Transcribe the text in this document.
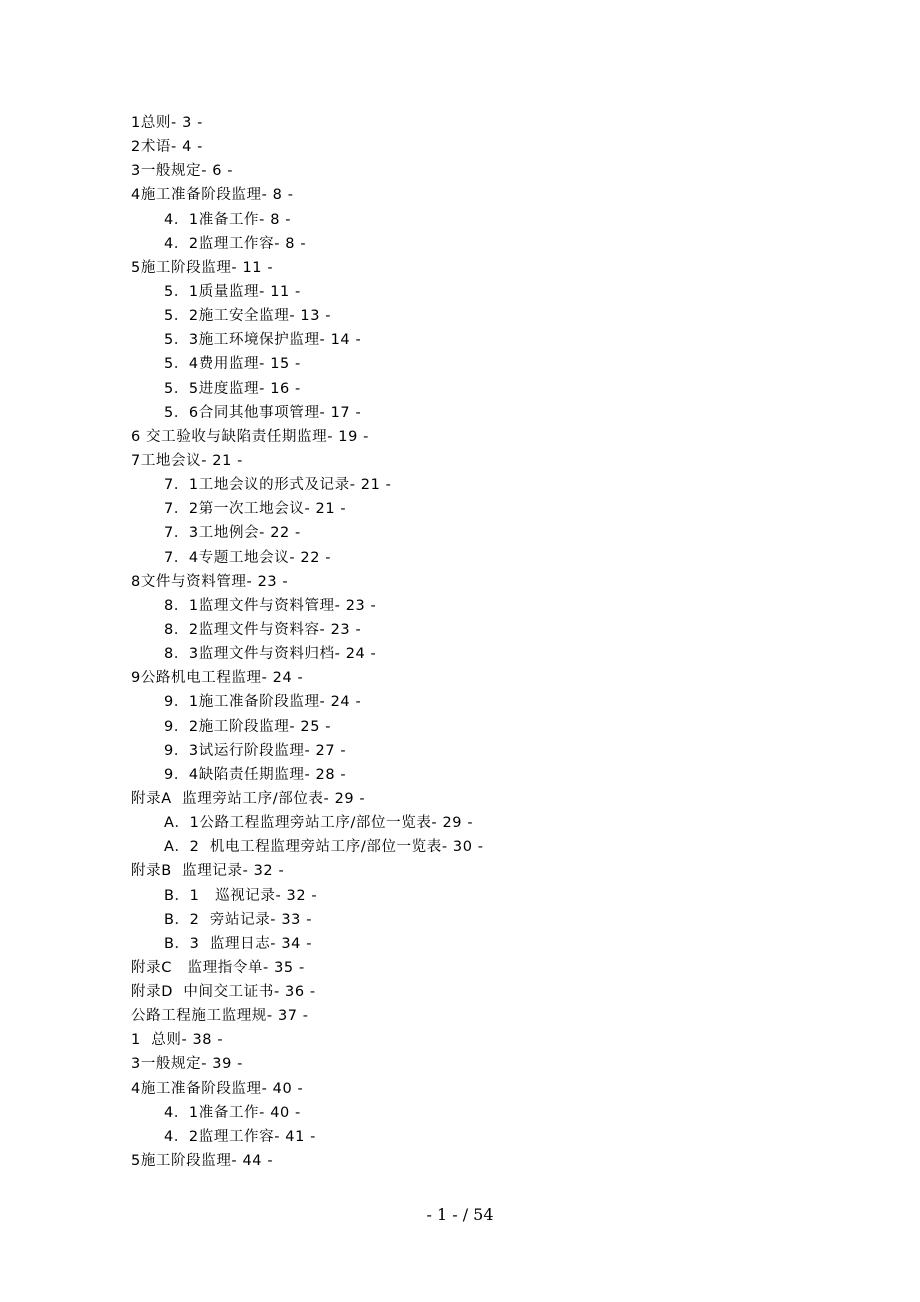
1总则- 3 -
2术语- 4 -
3一般规定- 6 -
4施工准备阶段监理- 8 -
4．1准备工作- 8 -
4．2监理工作容- 8 -
5施工阶段监理- 11 -
5．1质量监理- 11 -
5．2施工安全监理- 13 -
5．3施工环境保护监理- 14 -
5．4费用监理- 15 -
5．5进度监理- 16 -
5．6合同其他事项管理- 17 -
6 交工验收与缺陷责任期监理- 19 -
7工地会议- 21 -
7．1工地会议的形式及记录- 21 -
7．2第一次工地会议- 21 -
7．3工地例会- 22 -
7．4专题工地会议- 22 -
8文件与资料管理- 23 -
8．1监理文件与资料管理- 23 -
8．2监理文件与资料容- 23 -
8．3监理文件与资料归档- 24 -
9公路机电工程监理- 24 -
9．1施工准备阶段监理- 24 -
9．2施工阶段监理- 25 -
9．3试运行阶段监理- 27 -
9．4缺陷责任期监理- 28 -
附录A  监理旁站工序/部位表- 29 -
A．1公路工程监理旁站工序/部位一览表- 29 -
A．2  机电工程监理旁站工序/部位一览表- 30 -
附录B  监理记录- 32 -
B．1   巡视记录- 32 -
B．2  旁站记录- 33 -
B．3  监理日志- 34 -
附录C   监理指令单- 35 -
附录D  中间交工证书- 36 -
公路工程施工监理规- 37 -
1  总则- 38 -
3一般规定- 39 -
4施工准备阶段监理- 40 -
4．1准备工作- 40 -
4．2监理工作容- 41 -
5施工阶段监理- 44 -
- 1 - / 54
